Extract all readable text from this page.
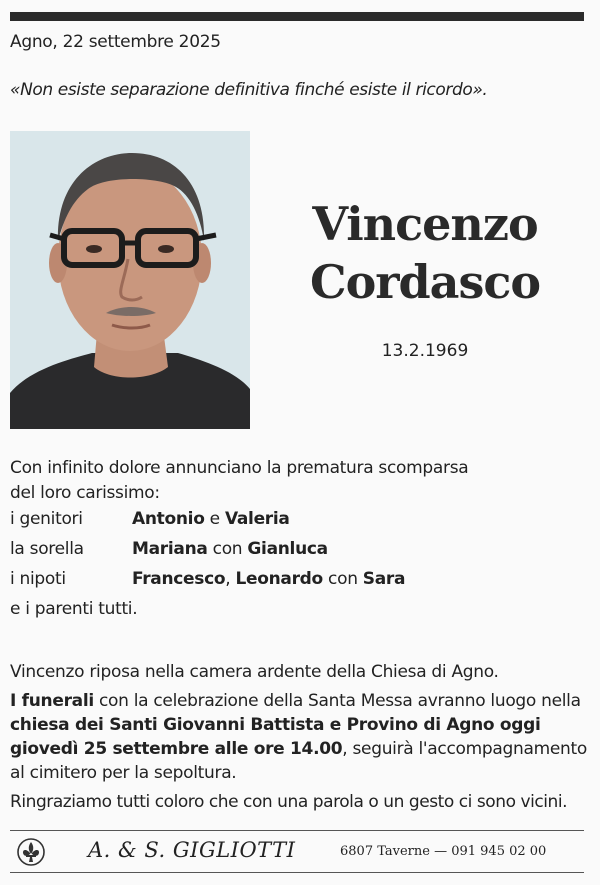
Agno, 22 settembre 2025
«Non esiste separazione definitiva finché esiste il ricordo».
Vincenzo
Cordasco
13.2.1969
Con infinito dolore annunciano la prematura scomparsa del loro carissimo:
i genitori	Antonio e Valeria
la sorella	Mariana con Gianluca
i nipoti	Francesco, Leonardo con Sara
e i parenti tutti.
Vincenzo riposa nella camera ardente della Chiesa di Agno.
I funerali con la celebrazione della Santa Messa avranno luogo nella chiesa dei Santi Giovanni Battista e Provino di Agno oggi giovedì 25 settembre alle ore 14.00, seguirà l'accompagnamento al cimitero per la sepoltura.
Ringraziamo tutti coloro che con una parola o un gesto ci sono vicini.
A. & S. GIGLIOTTI	6807 Taverne — 091 945 02 00
